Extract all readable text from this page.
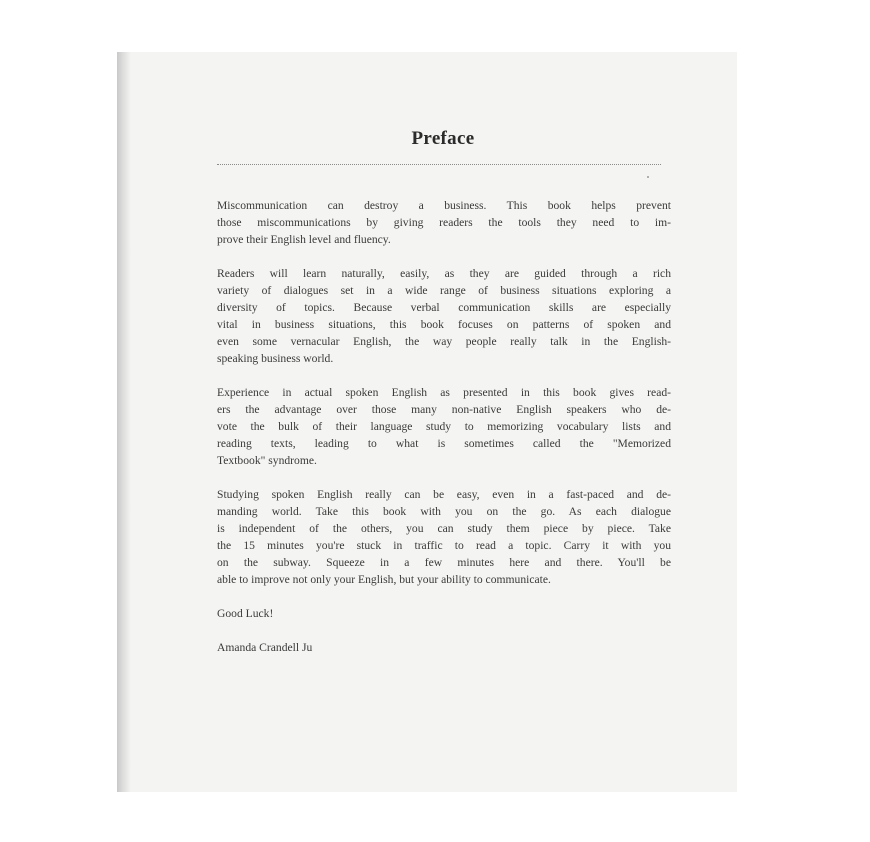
Preface

Miscommunication can destroy a business. This book helps prevent
those miscommunications by giving readers the tools they need to im-
prove their English level and fluency.

Readers will learn naturally, easily, as they are guided through a rich
variety of dialogues set in a wide range of business situations exploring a
diversity of topics. Because verbal communication skills are especially
vital in business situations, this book focuses on patterns of spoken and
even some vernacular English, the way people really talk in the English-
speaking business world.

Experience in actual spoken English as presented in this book gives read-
ers the advantage over those many non-native English speakers who de-
vote the bulk of their language study to memorizing vocabulary lists and
reading texts, leading to what is sometimes called the "Memorized
Textbook" syndrome.

Studying spoken English really can be easy, even in a fast-paced and de-
manding world. Take this book with you on the go. As each dialogue
is independent of the others, you can study them piece by piece. Take
the 15 minutes you're stuck in traffic to read a topic. Carry it with you
on the subway. Squeeze in a few minutes here and there. You'll be
able to improve not only your English, but your ability to communicate.

Good Luck!

Amanda Crandell Ju
